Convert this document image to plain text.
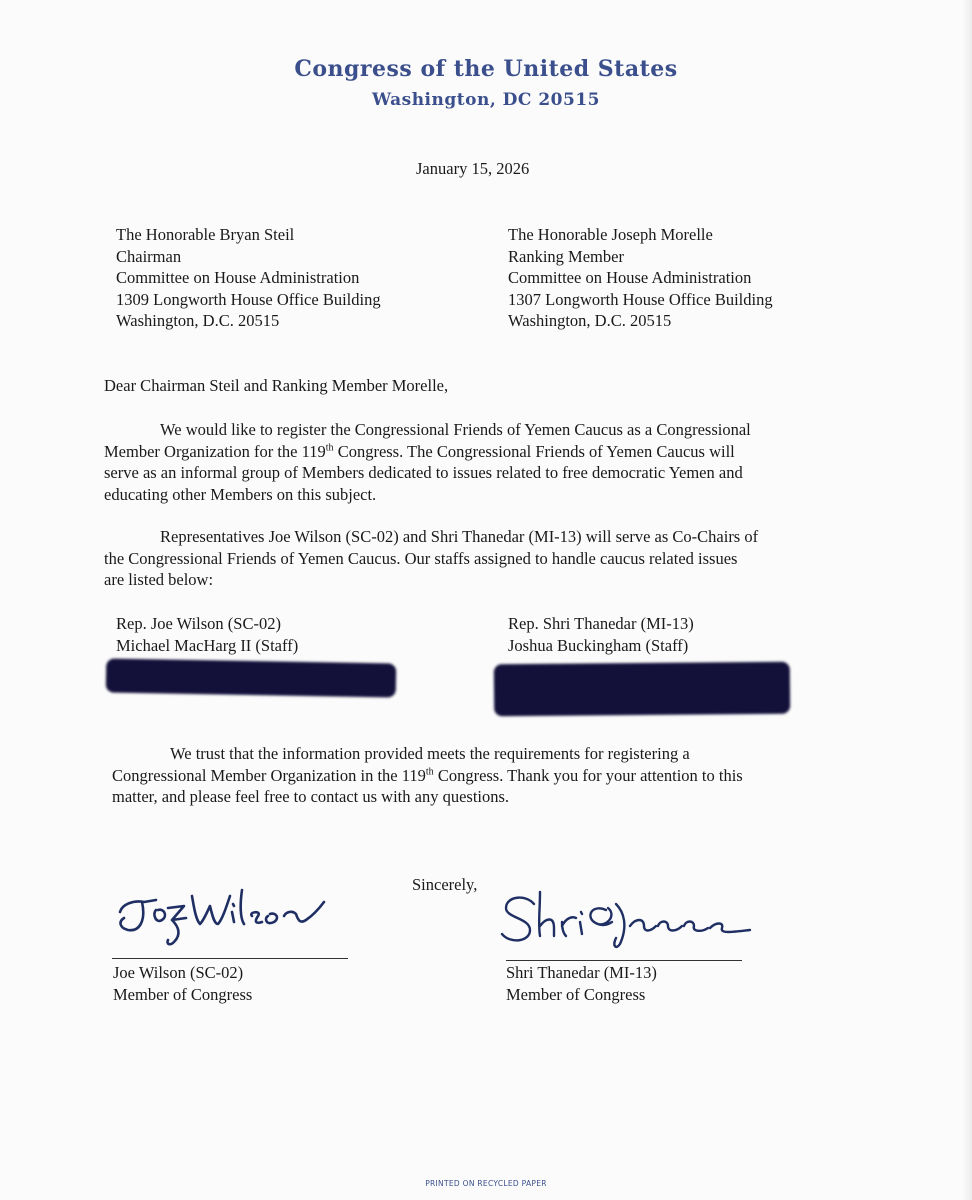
Congress of the United States
Washington, DC 20515
January 15, 2026
The Honorable Bryan Steil
Chairman
Committee on House Administration
1309 Longworth House Office Building
Washington, D.C. 20515
The Honorable Joseph Morelle
Ranking Member
Committee on House Administration
1307 Longworth House Office Building
Washington, D.C. 20515
Dear Chairman Steil and Ranking Member Morelle,
We would like to register the Congressional Friends of Yemen Caucus as a Congressional
Member Organization for the 119th Congress. The Congressional Friends of Yemen Caucus will
serve as an informal group of Members dedicated to issues related to free democratic Yemen and
educating other Members on this subject.
Representatives Joe Wilson (SC-02) and Shri Thanedar (MI-13) will serve as Co-Chairs of
the Congressional Friends of Yemen Caucus. Our staffs assigned to handle caucus related issues
are listed below:
Rep. Joe Wilson (SC-02)
Michael MacHarg II (Staff)
Rep. Shri Thanedar (MI-13)
Joshua Buckingham (Staff)
We trust that the information provided meets the requirements for registering a
Congressional Member Organization in the 119th Congress. Thank you for your attention to this
matter, and please feel free to contact us with any questions.
Sincerely,
Joe Wilson (SC-02)
Member of Congress
Shri Thanedar (MI-13)
Member of Congress
PRINTED ON RECYCLED PAPER
